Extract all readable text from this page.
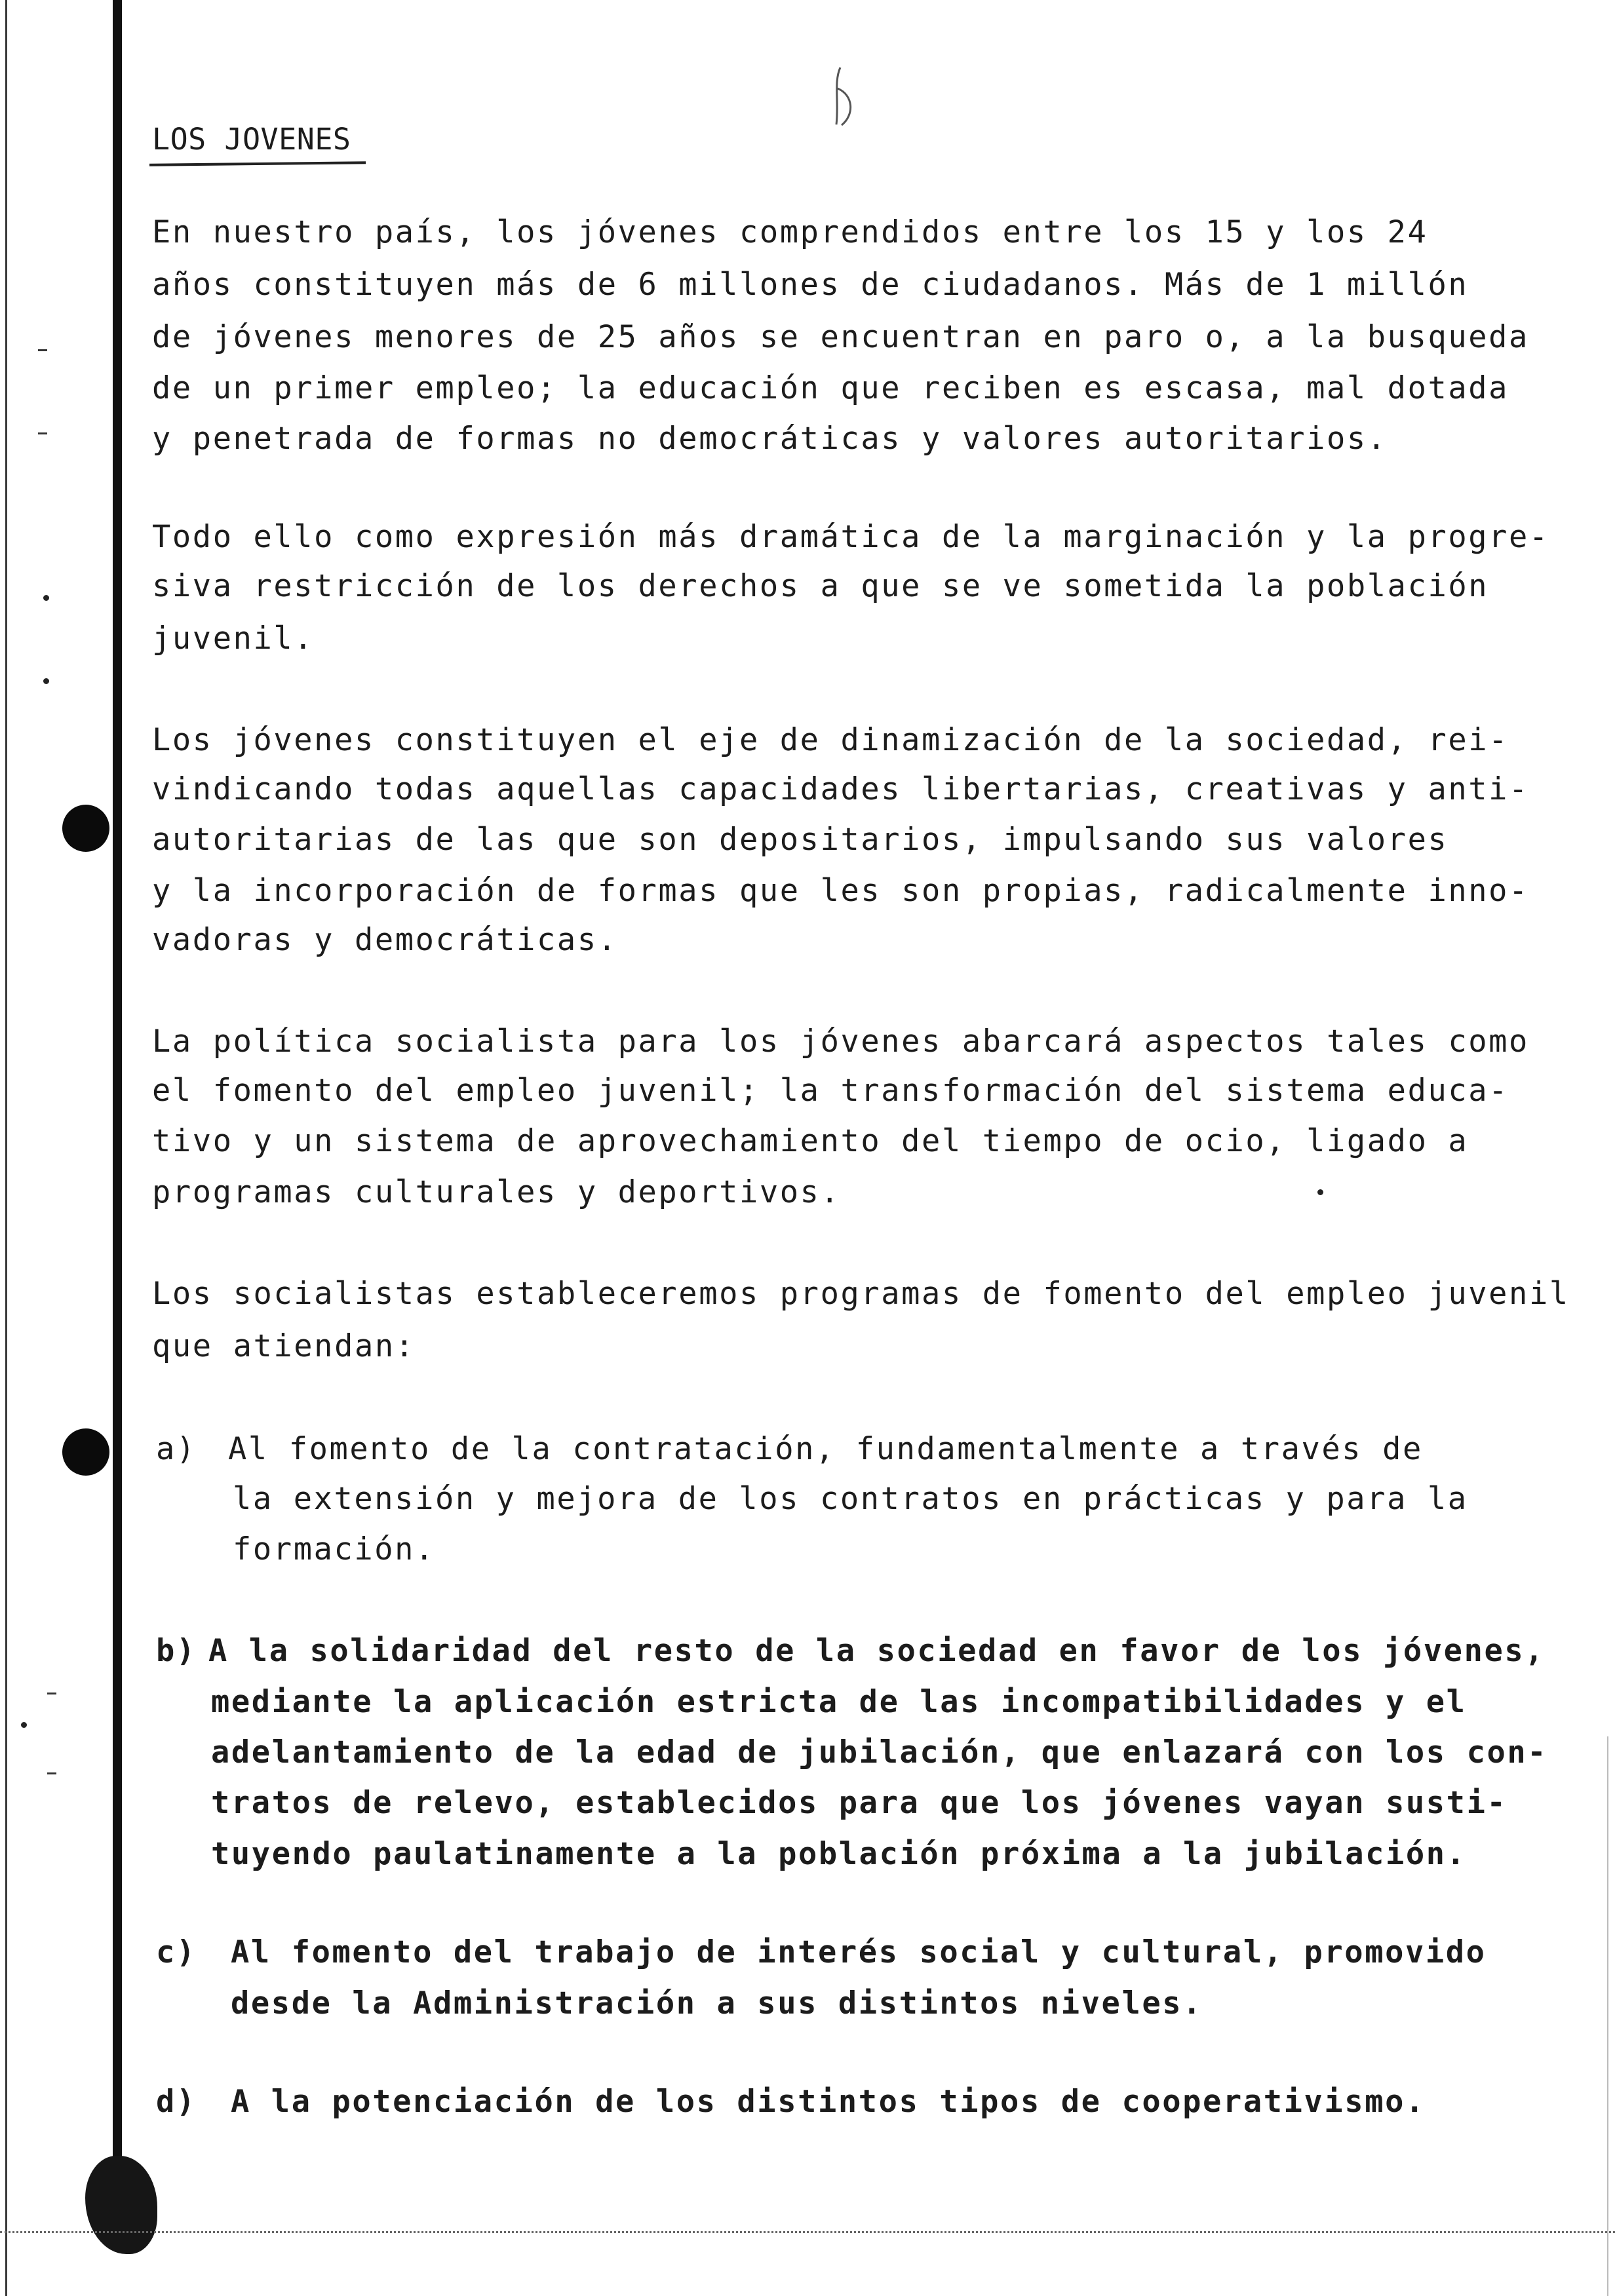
LOS JOVENES
En nuestro país, los jóvenes comprendidos entre los 15 y los 24
años constituyen más de 6 millones de ciudadanos. Más de 1 millón
de jóvenes menores de 25 años se encuentran en paro o, a la busqueda
de un primer empleo; la educación que reciben es escasa, mal dotada
y penetrada de formas no democráticas y valores autoritarios.
Todo ello como expresión más dramática de la marginación y la progre-
siva restricción de los derechos a que se ve sometida la población
juvenil.
Los jóvenes constituyen el eje de dinamización de la sociedad, rei-
vindicando todas aquellas capacidades libertarias, creativas y anti-
autoritarias de las que son depositarios, impulsando sus valores
y la incorporación de formas que les son propias, radicalmente inno-
vadoras y democráticas.
La política socialista para los jóvenes abarcará aspectos tales como
el fomento del empleo juvenil; la transformación del sistema educa-
tivo y un sistema de aprovechamiento del tiempo de ocio, ligado a
programas culturales y deportivos.
Los socialistas estableceremos programas de fomento del empleo juvenil
que atiendan:
a) Al fomento de la contratación, fundamentalmente a través de
la extensión y mejora de los contratos en prácticas y para la
formación.
b) A la solidaridad del resto de la sociedad en favor de los jóvenes,
mediante la aplicación estricta de las incompatibilidades y el
adelantamiento de la edad de jubilación, que enlazará con los con-
tratos de relevo, establecidos para que los jóvenes vayan susti-
tuyendo paulatinamente a la población próxima a la jubilación.
c) Al fomento del trabajo de interés social y cultural, promovido
desde la Administración a sus distintos niveles.
d) A la potenciación de los distintos tipos de cooperativismo.
